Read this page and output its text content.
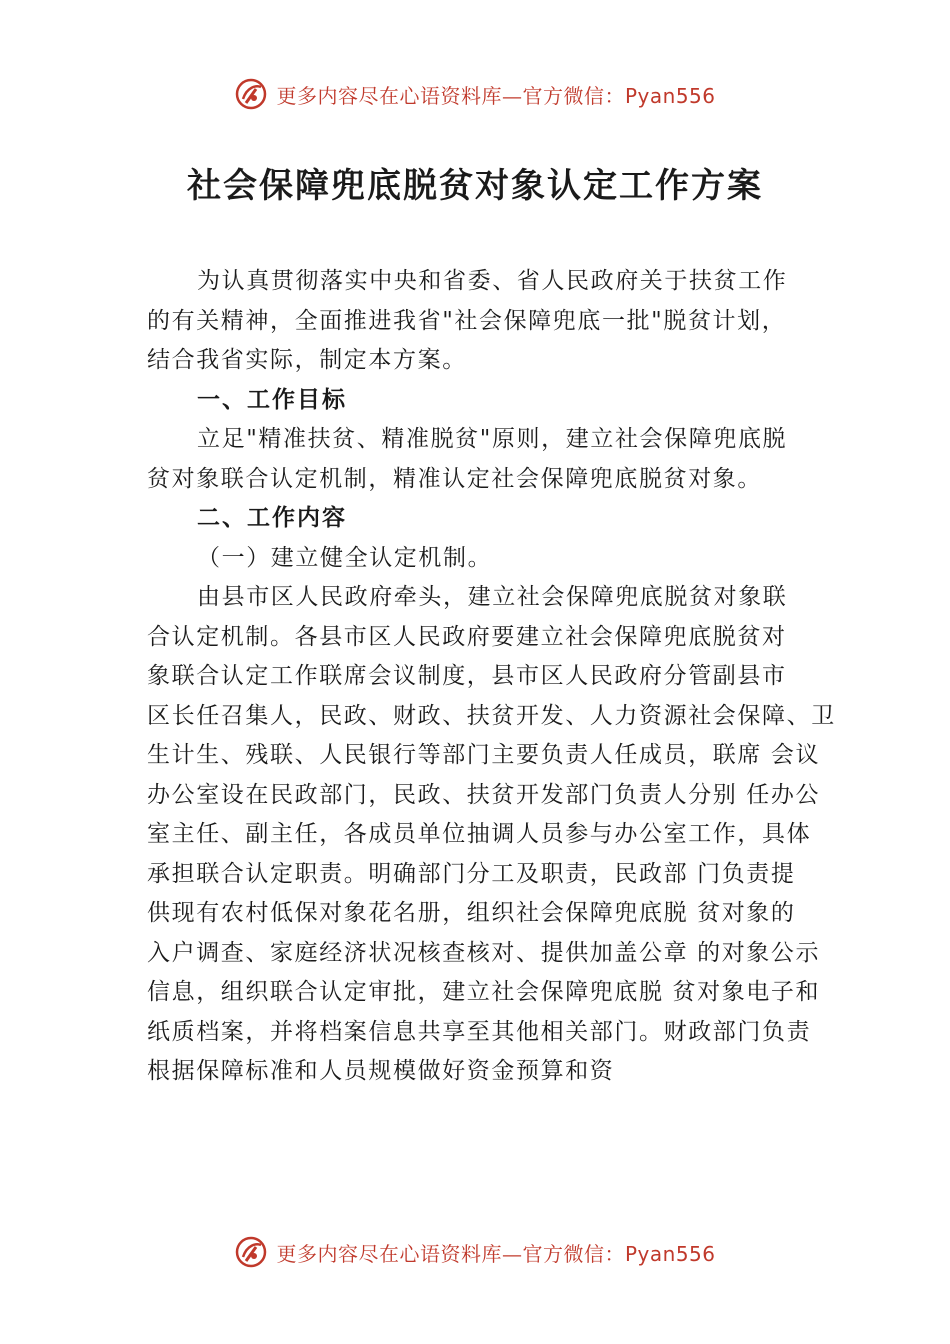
更多内容尽在心语资料库—官方微信：Pyan556
社会保障兜底脱贫对象认定工作方案
为认真贯彻落实中央和省委、省人民政府关于扶贫工作
的有关精神，全面推进我省"社会保障兜底一批"脱贫计划，
结合我省实际，制定本方案。
一、工作目标
立足"精准扶贫、精准脱贫"原则，建立社会保障兜底脱
贫对象联合认定机制，精准认定社会保障兜底脱贫对象。
二、工作内容
（一）建立健全认定机制。
由县市区人民政府牵头，建立社会保障兜底脱贫对象联
合认定机制。各县市区人民政府要建立社会保障兜底脱贫对
象联合认定工作联席会议制度，县市区人民政府分管副县市
区长任召集人，民政、财政、扶贫开发、人力资源社会保障、卫
生计生、残联、人民银行等部门主要负责人任成员，联席 会议
办公室设在民政部门，民政、扶贫开发部门负责人分别 任办公
室主任、副主任，各成员单位抽调人员参与办公室工作，具体
承担联合认定职责。明确部门分工及职责，民政部 门负责提
供现有农村低保对象花名册，组织社会保障兜底脱 贫对象的
入户调查、家庭经济状况核查核对、提供加盖公章 的对象公示
信息，组织联合认定审批，建立社会保障兜底脱 贫对象电子和
纸质档案，并将档案信息共享至其他相关部门。财政部门负责
根据保障标准和人员规模做好资金预算和资
更多内容尽在心语资料库—官方微信：Pyan556
